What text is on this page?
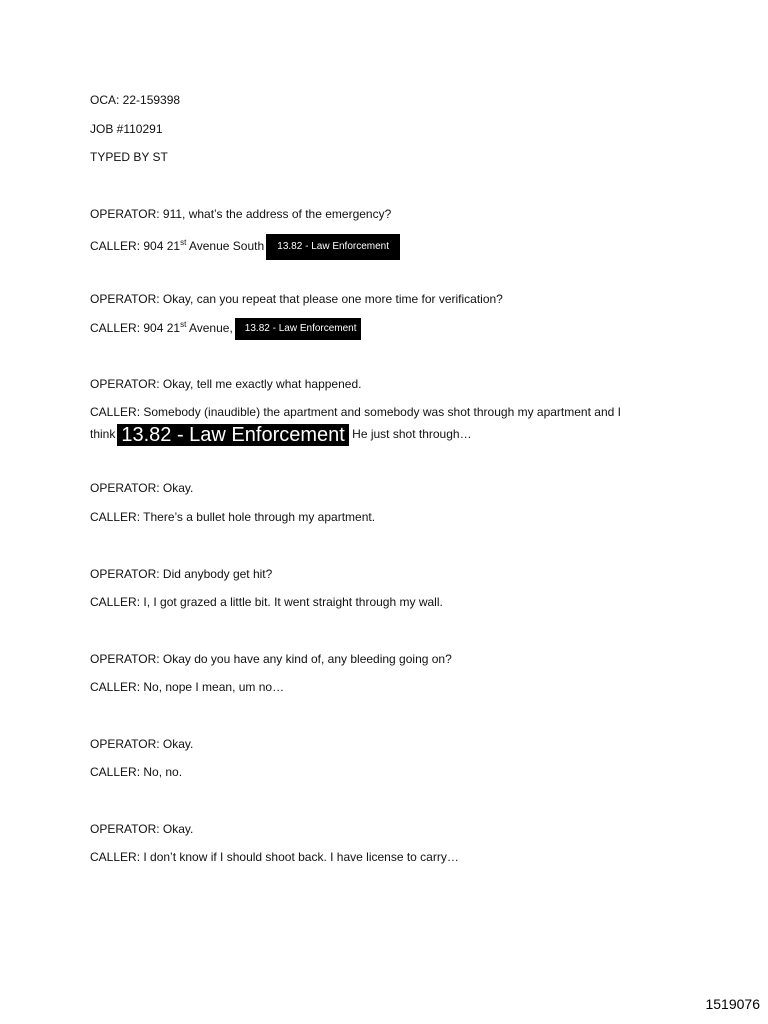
OCA: 22-159398
JOB #110291
TYPED BY ST
OPERATOR: 911, what’s the address of the emergency?
CALLER: 904 21st Avenue South 13.82 - Law Enforcement
OPERATOR: Okay, can you repeat that please one more time for verification?
CALLER: 904 21st Avenue, 13.82 - Law Enforcement
OPERATOR: Okay, tell me exactly what happened.
CALLER: Somebody (inaudible) the apartment and somebody was shot through my apartment and I
think 13.82 - Law Enforcement He just shot through…
OPERATOR: Okay.
CALLER: There’s a bullet hole through my apartment.
OPERATOR: Did anybody get hit?
CALLER: I, I got grazed a little bit. It went straight through my wall.
OPERATOR: Okay do you have any kind of, any bleeding going on?
CALLER: No, nope I mean, um no…
OPERATOR: Okay.
CALLER: No, no.
OPERATOR: Okay.
CALLER: I don’t know if I should shoot back. I have license to carry…
1519076
